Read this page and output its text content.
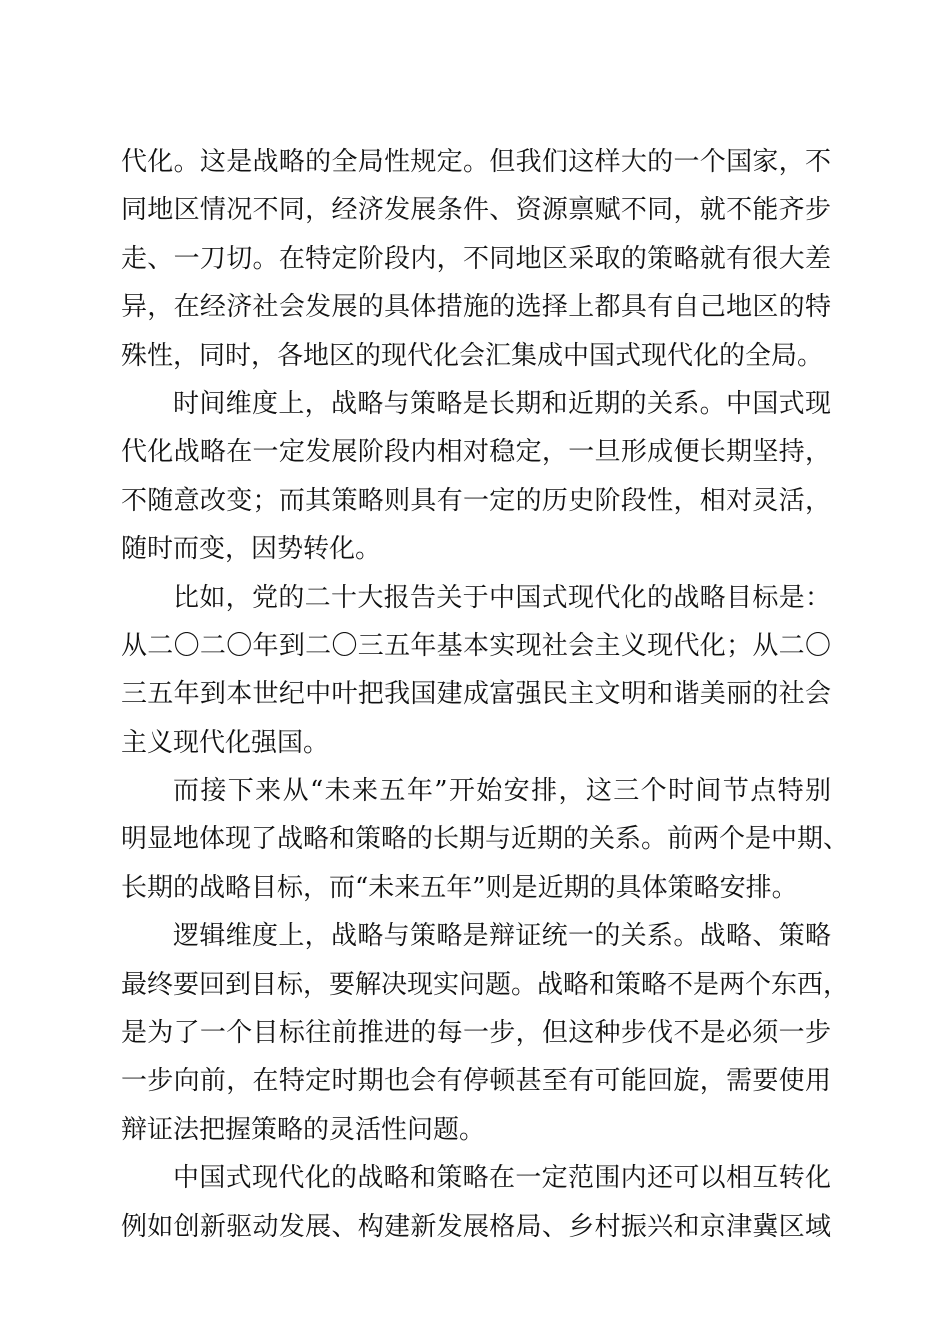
代化。这是战略的全局性规定。但我们这样大的一个国家，不
同地区情况不同，经济发展条件、资源禀赋不同，就不能齐步
走、一刀切。在特定阶段内，不同地区采取的策略就有很大差
异，在经济社会发展的具体措施的选择上都具有自己地区的特
殊性，同时，各地区的现代化会汇集成中国式现代化的全局。
时间维度上，战略与策略是长期和近期的关系。中国式现
代化战略在一定发展阶段内相对稳定，一旦形成便长期坚持，
不随意改变；而其策略则具有一定的历史阶段性，相对灵活，
随时而变，因势转化。
比如，党的二十大报告关于中国式现代化的战略目标是：
从二〇二〇年到二〇三五年基本实现社会主义现代化；从二〇
三五年到本世纪中叶把我国建成富强民主文明和谐美丽的社会
主义现代化强国。
而接下来从“未来五年”开始安排，这三个时间节点特别
明显地体现了战略和策略的长期与近期的关系。前两个是中期、
长期的战略目标，而“未来五年”则是近期的具体策略安排。
逻辑维度上，战略与策略是辩证统一的关系。战略、策略
最终要回到目标，要解决现实问题。战略和策略不是两个东西，
是为了一个目标往前推进的每一步，但这种步伐不是必须一步
一步向前，在特定时期也会有停顿甚至有可能回旋，需要使用
辩证法把握策略的灵活性问题。
中国式现代化的战略和策略在一定范围内还可以相互转化
例如创新驱动发展、构建新发展格局、乡村振兴和京津冀区域
